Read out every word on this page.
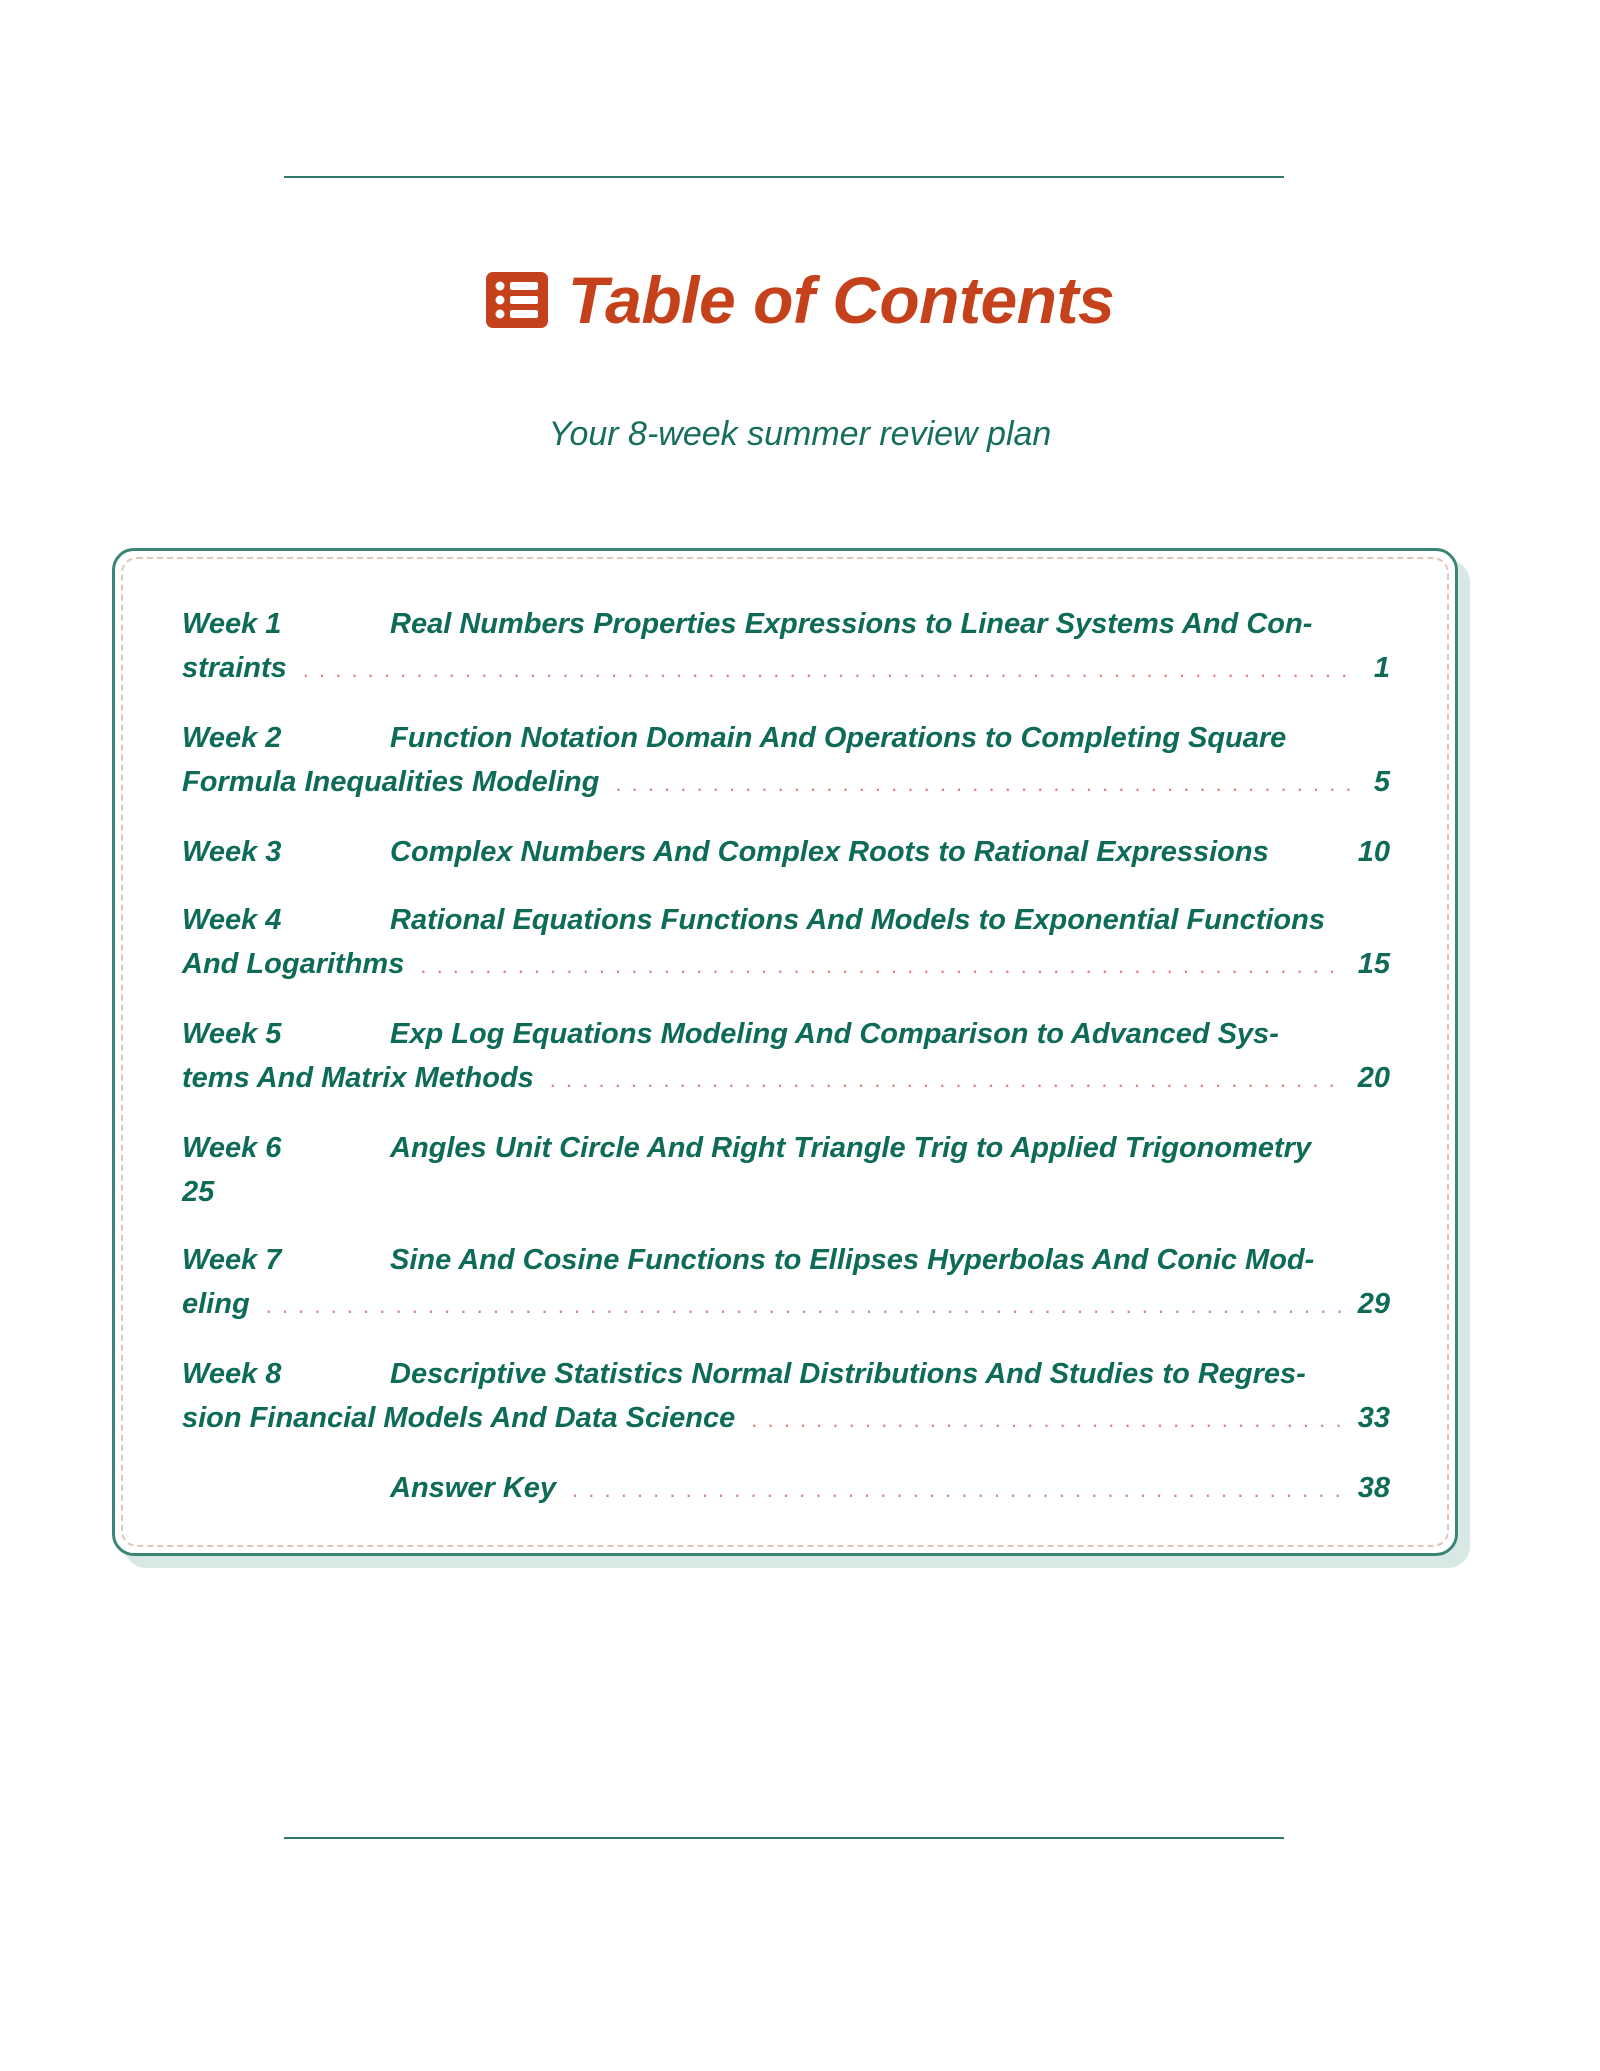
Table of Contents
Your 8-week summer review plan
Week 1	Real Numbers Properties Expressions to Linear Systems And Con-
straints . . .	1
Week 2	Function Notation Domain And Operations to Completing Square
Formula Inequalities Modeling . . .	5
Week 3	Complex Numbers And Complex Roots to Rational Expressions	10
Week 4	Rational Equations Functions And Models to Exponential Functions
And Logarithms . . .	15
Week 5	Exp Log Equations Modeling And Comparison to Advanced Sys-
tems And Matrix Methods . . .	20
Week 6	Angles Unit Circle And Right Triangle Trig to Applied Trigonometry
25
Week 7	Sine And Cosine Functions to Ellipses Hyperbolas And Conic Mod-
eling . . .	29
Week 8	Descriptive Statistics Normal Distributions And Studies to Regres-
sion Financial Models And Data Science . . .	33
Answer Key . . .	38
